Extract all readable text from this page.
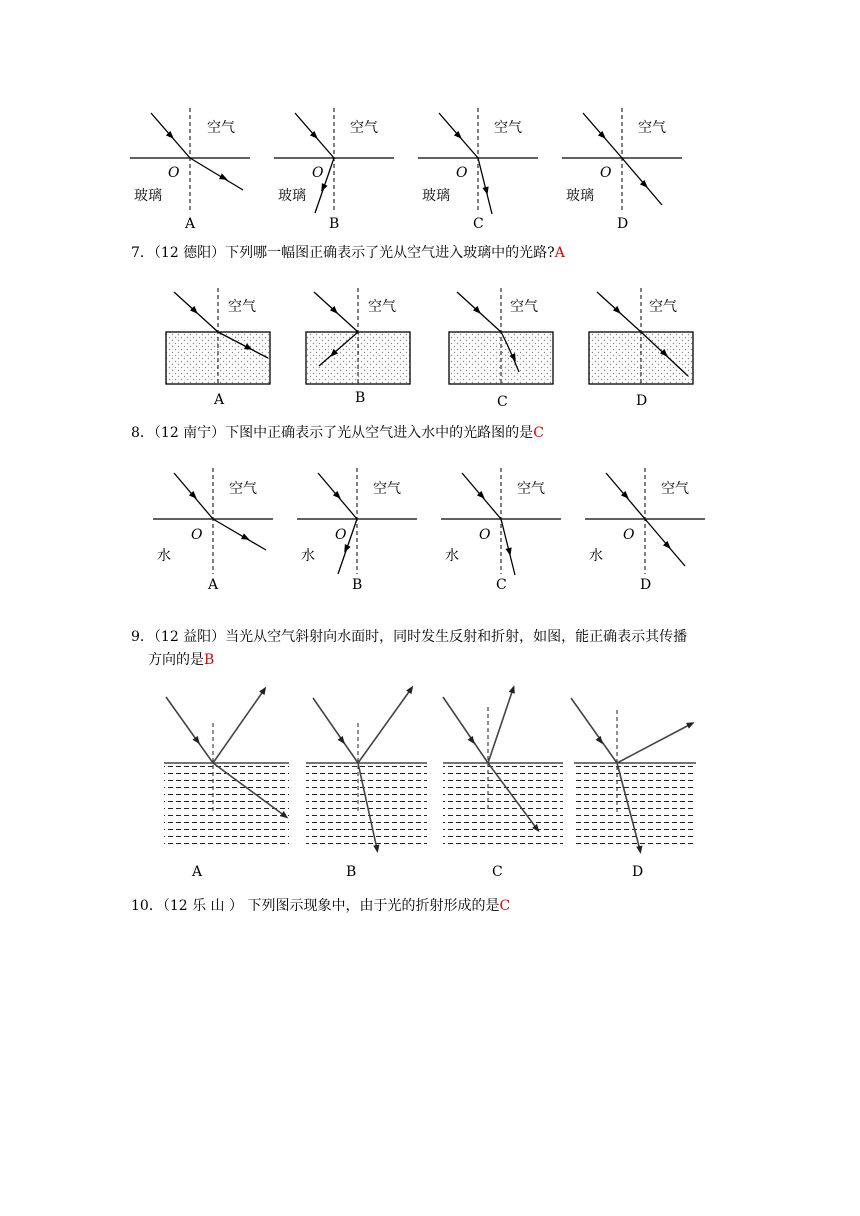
空气
O
玻璃
A
空气
O
玻璃
B
空气
O
玻璃
C
空气
O
玻璃
D
空气
A
空气
B
空气
C
空气
D
空气
O
水
A
空气
O
水
B
空气
O
水
C
空气
O
水
D
A	B	C	D
7．（12 德阳）下列哪一幅图正确表示了光从空气进入玻璃中的光路?A
8．（12 南宁）下图中正确表示了光从空气进入水中的光路图的是C
9．（12 益阳）当光从空气斜射向水面时，同时发生反射和折射，如图，能正确表示其传播
方向的是B
10．（12 乐 山 ） 下列图示现象中，由于光的折射形成的是C
